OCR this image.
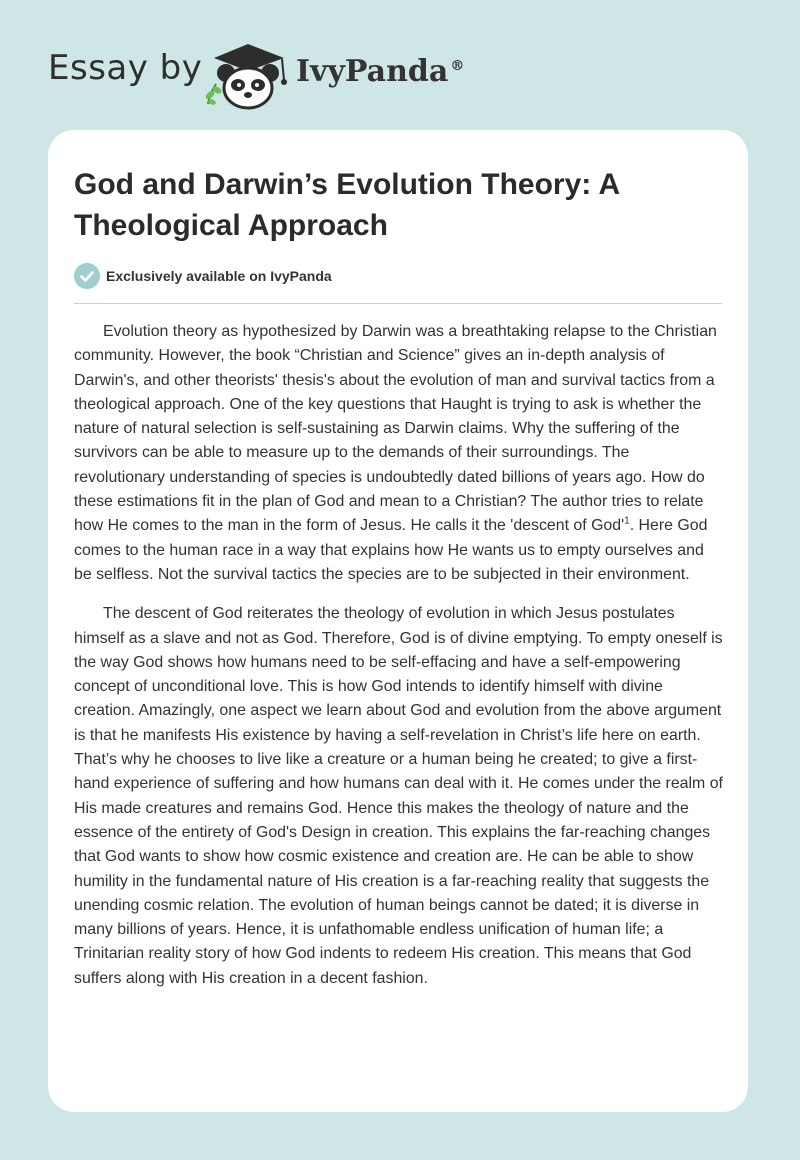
Essay by	IvyPanda ®
God and Darwin’s Evolution Theory: A Theological Approach
Exclusively available on IvyPanda

Evolution theory as hypothesized by Darwin was a breathtaking relapse to the Christian community. However, the book “Christian and Science” gives an in-depth analysis of Darwin's, and other theorists' thesis's about the evolution of man and survival tactics from a theological approach. One of the key questions that Haught is trying to ask is whether the nature of natural selection is self-sustaining as Darwin claims. Why the suffering of the survivors can be able to measure up to the demands of their surroundings. The revolutionary understanding of species is undoubtedly dated billions of years ago. How do these estimations fit in the plan of God and mean to a Christian? The author tries to relate how He comes to the man in the form of Jesus. He calls it the 'descent of $God'^1$. Here God comes to the human race in a way that explains how He wants us to empty ourselves and be selfless. Not the survival tactics the species are to be subjected in their environment.

The descent of God reiterates the theology of evolution in which Jesus postulates himself as a slave and not as God. Therefore, God is of divine emptying. To empty oneself is the way God shows how humans need to be self-effacing and have a self-empowering concept of unconditional love. This is how God intends to identify himself with divine creation. Amazingly, one aspect we learn about God and evolution from the above argument is that he manifests His existence by having a self-revelation in Christ’s life here on earth. That’s why he chooses to live like a creature or a human being he created; to give a first-hand experience of suffering and how humans can deal with it. He comes under the realm of His made creatures and remains God. Hence this makes the theology of nature and the essence of the entirety of God's Design in creation. This explains the far-reaching changes that God wants to show how cosmic existence and creation are. He can be able to show humility in the fundamental nature of His creation is a far-reaching reality that suggests the unending cosmic relation. The evolution of human beings cannot be dated; it is diverse in many billions of years. Hence, it is unfathomable endless unification of human life; a Trinitarian reality story of how God indents to redeem His creation. This means that God suffers along with His creation in a decent fashion.
